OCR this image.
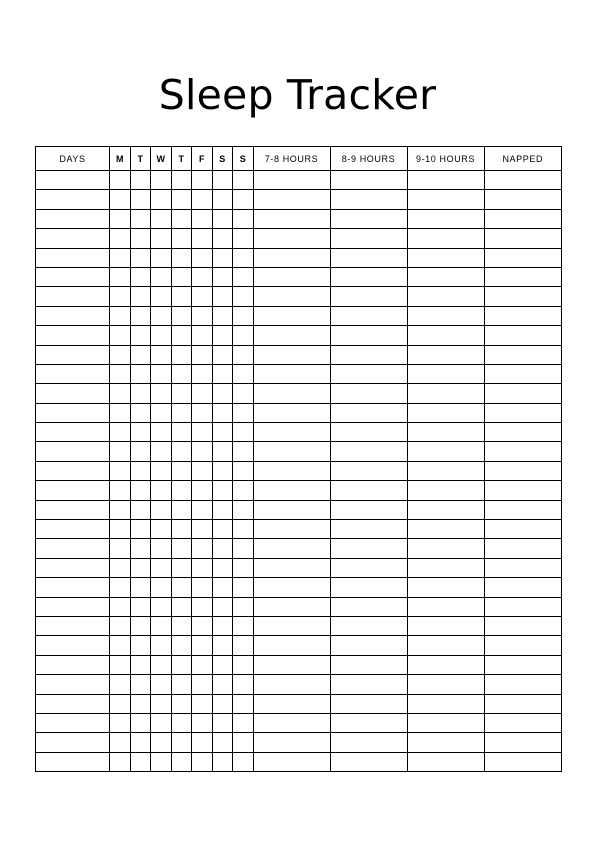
Sleep Tracker
DAYS	M	T	W	T	F	S	S	7-8 HOURS	8-9 HOURS	9-10 HOURS	NAPPED
